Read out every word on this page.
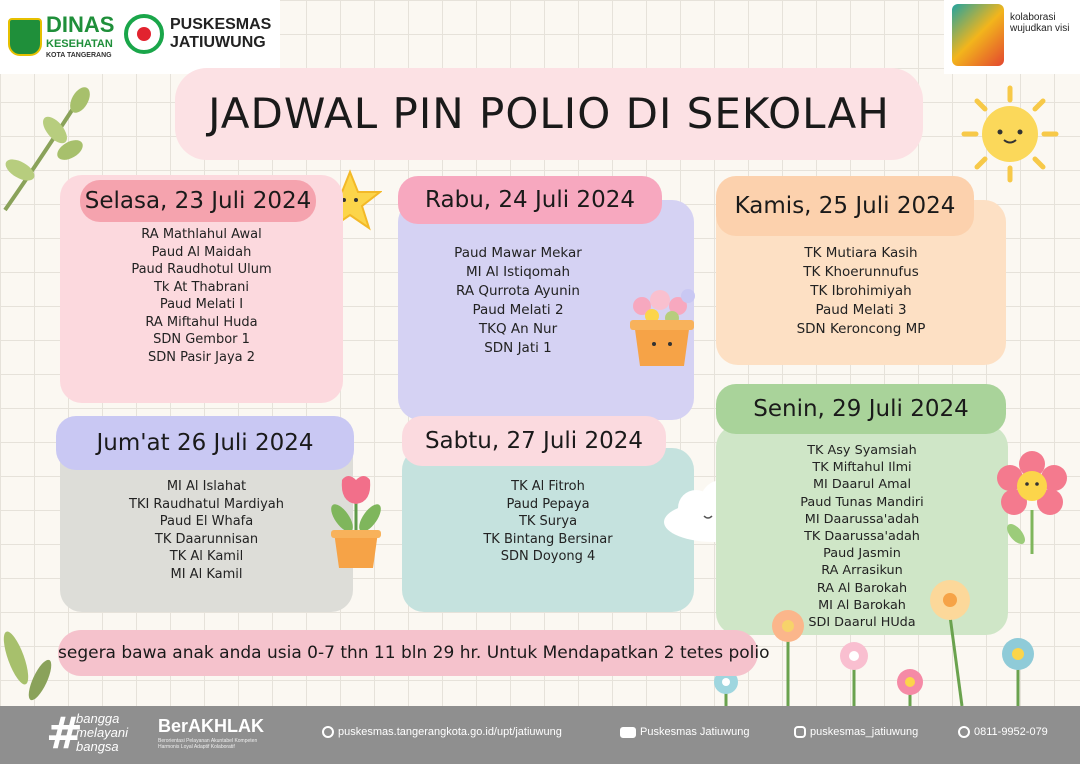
DINAS
KESEHATAN
KOTA TANGERANG
PUSKESMAS
JATIUWUNG
kolaborasi wujudkan visi
JADWAL PIN POLIO DI SEKOLAH
Selasa, 23 Juli 2024
RA Mathlahul Awal
Paud Al Maidah
Paud Raudhotul Ulum
Tk At Thabrani
Paud Melati I
RA Miftahul Huda
SDN Gembor 1
SDN Pasir Jaya 2
Rabu, 24 Juli 2024
Paud Mawar Mekar
MI Al Istiqomah
RA Qurrota Ayunin
Paud Melati 2
TKQ An Nur
SDN Jati 1
Kamis, 25 Juli 2024
TK Mutiara Kasih
TK Khoerunnufus
TK Ibrohimiyah
Paud Melati 3
SDN Keroncong MP
Jum'at 26 Juli 2024
MI Al Islahat
TKI Raudhatul Mardiyah
Paud El Whafa
TK Daarunnisan
TK Al Kamil
MI Al Kamil
Sabtu, 27 Juli 2024
TK Al Fitroh
Paud Pepaya
TK Surya
TK Bintang Bersinar
SDN Doyong 4
Senin, 29 Juli 2024
TK Asy Syamsiah
TK Miftahul Ilmi
MI Daarul Amal
Paud Tunas Mandiri
MI Daarussa'adah
TK Daarussa'adah
Paud Jasmin
RA Arrasikun
RA Al Barokah
MI Al Barokah
SDI Daarul HUda
segera bawa anak anda usia 0-7 thn 11 bln 29 hr. Untuk Mendapatkan 2 tetes polio
#
bangga melayani bangsa
BerAKHLAK
Berorientasi Pelayanan Akuntabel Kompeten Harmonis Loyal Adaptif Kolaboratif
puskesmas.tangerangkota.go.id/upt/jatiuwung	Puskesmas Jatiuwung	puskesmas_jatiuwung	0811-9952-079
